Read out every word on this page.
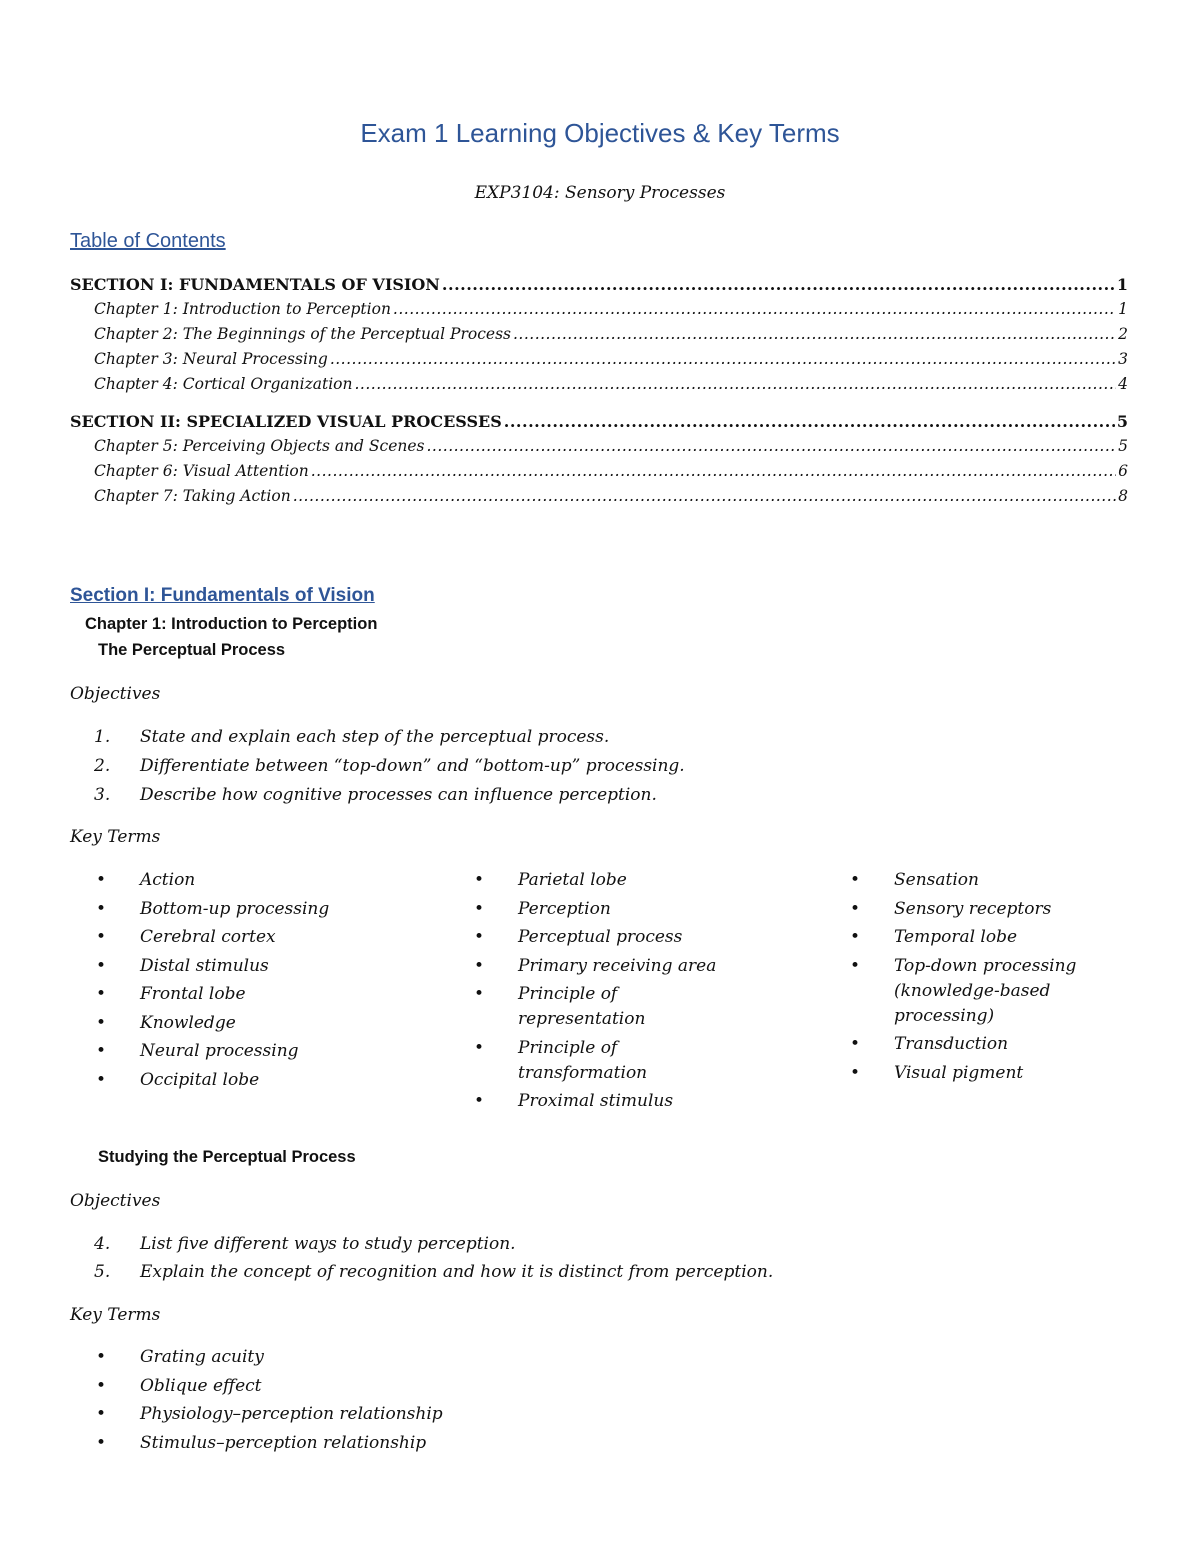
Exam 1 Learning Objectives & Key Terms
EXP3104: Sensory Processes
Table of Contents
SECTION I: FUNDAMENTALS OF VISION .....	1
Chapter 1: Introduction to Perception .....	1
Chapter 2: The Beginnings of the Perceptual Process .....	2
Chapter 3: Neural Processing .....	3
Chapter 4: Cortical Organization .....	4
SECTION II: SPECIALIZED VISUAL PROCESSES .....	5
Chapter 5: Perceiving Objects and Scenes .....	5
Chapter 6: Visual Attention .....	6
Chapter 7: Taking Action .....	8
Section I: Fundamentals of Vision
Chapter 1: Introduction to Perception
The Perceptual Process
Objectives
1. State and explain each step of the perceptual process.
2. Differentiate between “top-down” and “bottom-up” processing.
3. Describe how cognitive processes can influence perception.
Key Terms
• Action
• Bottom-up processing
• Cerebral cortex
• Distal stimulus
• Frontal lobe
• Knowledge
• Neural processing
• Occipital lobe
• Parietal lobe
• Perception
• Perceptual process
• Primary receiving area
• Principle of representation
• Principle of transformation
• Proximal stimulus
• Sensation
• Sensory receptors
• Temporal lobe
• Top-down processing (knowledge-based processing)
• Transduction
• Visual pigment
Studying the Perceptual Process
Objectives
4. List five different ways to study perception.
5. Explain the concept of recognition and how it is distinct from perception.
Key Terms
• Grating acuity
• Oblique effect
• Physiology–perception relationship
• Stimulus–perception relationship
